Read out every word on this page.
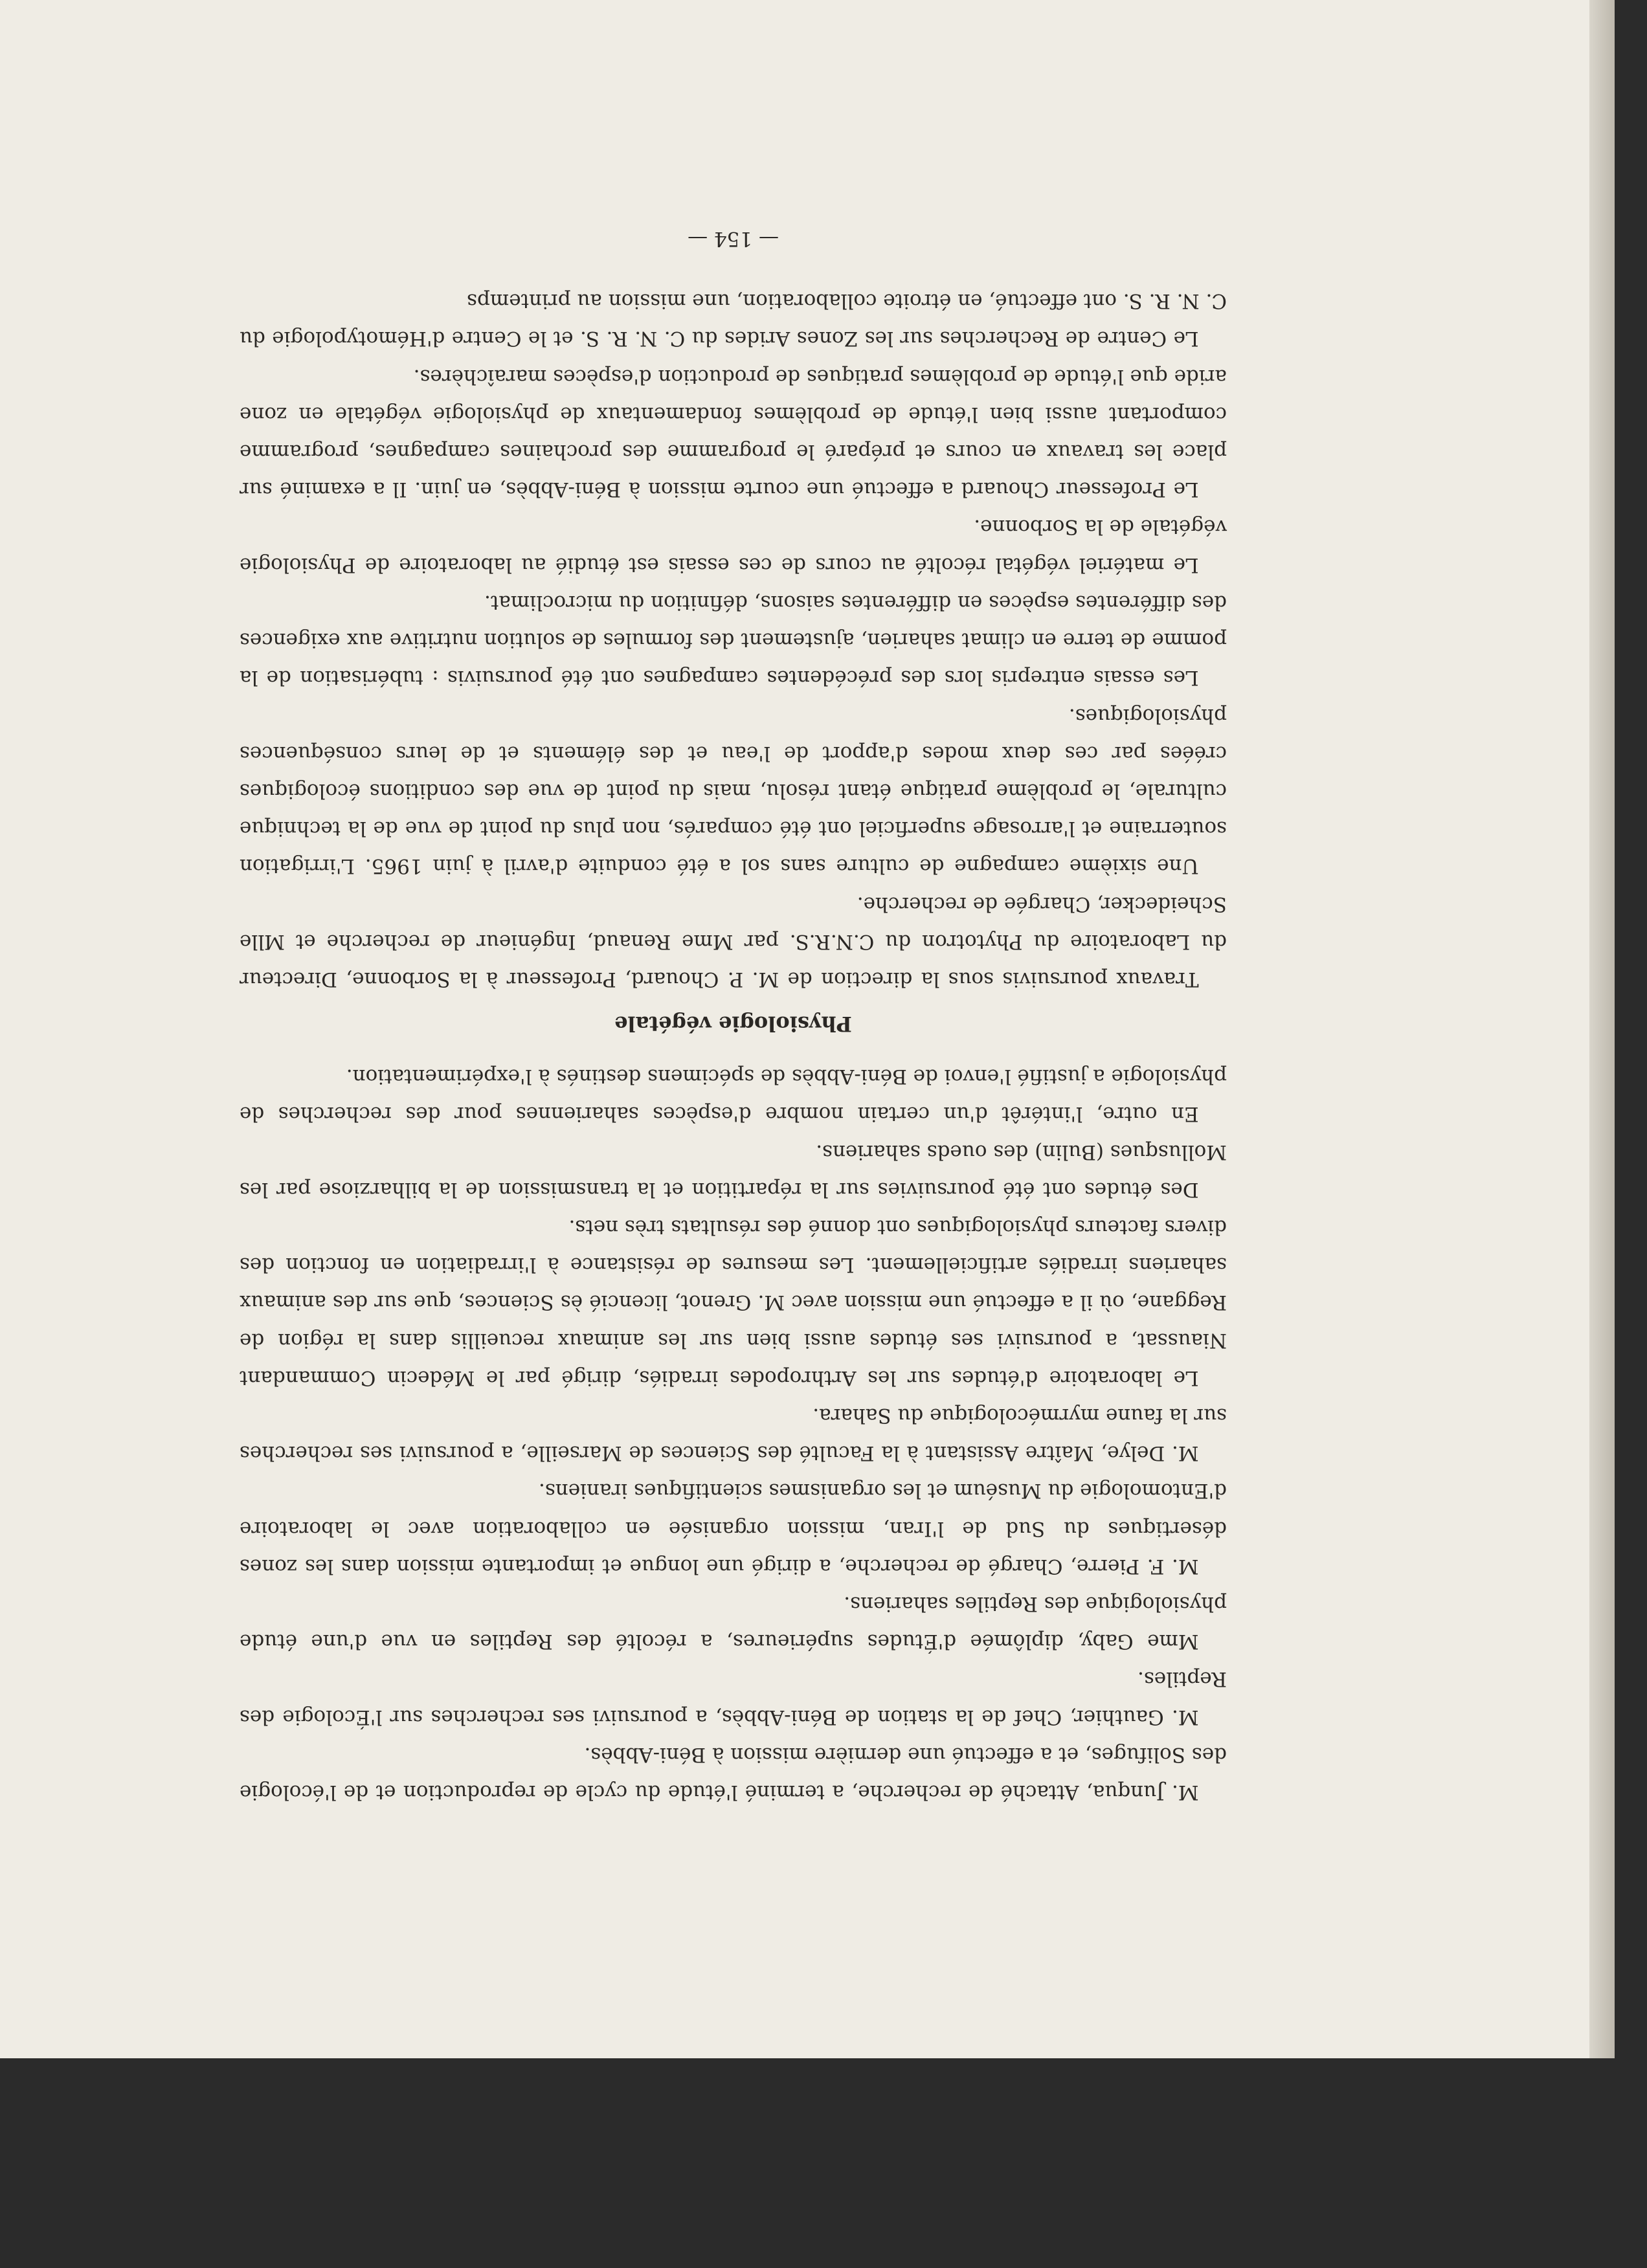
M. Junqua, Attaché de recherche, a terminé l'étude du cycle de reproduction et de l'écologie des Solifuges, et a effectué une dernière mission à Béni-Abbès.

M. Gauthier, Chef de la station de Béni-Abbès, a poursuivi ses recherches sur l'Écologie des Reptiles.

Mme Gaby, diplômée d'Études supérieures, a récolté des Reptiles en vue d'une étude physiologique des Reptiles sahariens.

M. F. Pierre, Chargé de recherche, a dirigé une longue et importante mission dans les zones désertiques du Sud de l'Iran, mission organisée en collaboration avec le laboratoire d'Entomologie du Muséum et les organismes scientifiques iraniens.

M. Delye, Maître Assistant à la Faculté des Sciences de Marseille, a poursuivi ses recherches sur la faune myrmécologique du Sahara.

Le laboratoire d'études sur les Arthropodes irradiés, dirigé par le Médecin Commandant Niaussat, a poursuivi ses études aussi bien sur les animaux recueillis dans la région de Reggane, où il a effectué une mission avec M. Grenot, licencié ès Sciences, que sur des animaux sahariens irradiés artificiellement. Les mesures de résistance à l'irradiation en fonction des divers facteurs physiologiques ont donné des résultats très nets.

Des études ont été poursuivies sur la répartition et la transmission de la bilharziose par les Mollusques (Bulin) des oueds sahariens.

En outre, l'intérêt d'un certain nombre d'espèces sahariennes pour des recherches de physiologie a justifié l'envoi de Béni-Abbès de spécimens destinés à l'expérimentation.

Physiologie végétale

Travaux poursuivis sous la direction de M. P. Chouard, Professeur à la Sorbonne, Directeur du Laboratoire du Phytotron du C.N.R.S. par Mme Renaud, Ingénieur de recherche et Mlle Scheidecker, Chargée de recherche.

Une sixième campagne de culture sans sol a été conduite d'avril à juin 1965. L'irrigation souterraine et l'arrosage superficiel ont été comparés, non plus du point de vue de la technique culturale, le problème pratique étant résolu, mais du point de vue des conditions écologiques créées par ces deux modes d'apport de l'eau et des éléments et de leurs conséquences physiologiques.

Les essais entrepris lors des précédentes campagnes ont été poursuivis : tubérisation de la pomme de terre en climat saharien, ajustement des formules de solution nutritive aux exigences des différentes espèces en différentes saisons, définition du microclimat.

Le matériel végétal récolté au cours de ces essais est étudié au laboratoire de Physiologie végétale de la Sorbonne.

Le Professeur Chouard a effectué une courte mission à Béni-Abbès, en juin. Il a examiné sur place les travaux en cours et préparé le programme des prochaines campagnes, programme comportant aussi bien l'étude de problèmes fondamentaux de physiologie végétale en zone aride que l'étude de problèmes pratiques de production d'espèces maraîchères.

Le Centre de Recherches sur les Zones Arides du C. N. R. S. et le Centre d'Hémotypologie du C. N. R. S. ont effectué, en étroite collaboration, une mission au printemps

— 154 —
